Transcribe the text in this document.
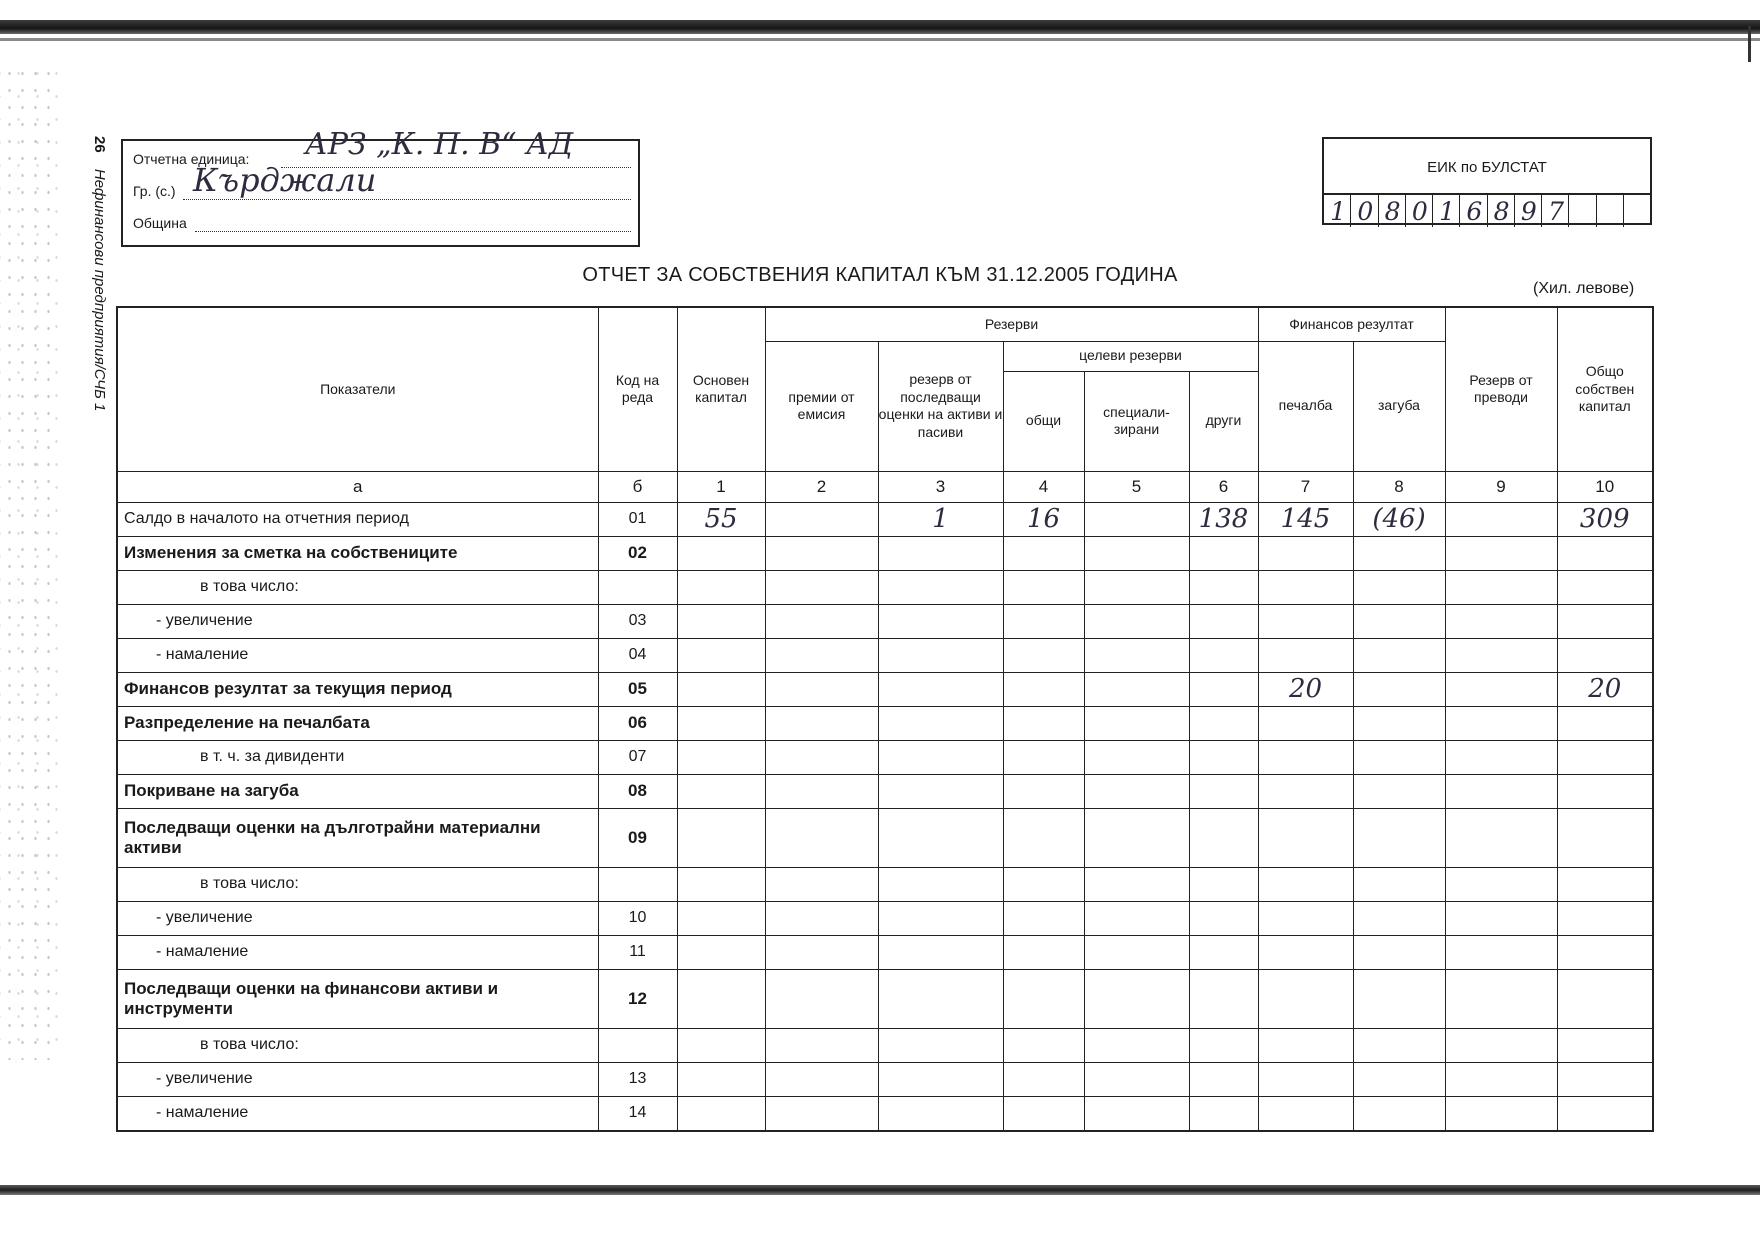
26 Нефинансови предприятия/СЧБ 1
Отчетна единица: АРЗ „К. П. В“ АД
Гр. (с.) Кърджали
Община
ЕИК по БУЛСТАТ
1 0 8 0 1 6 8 9 7
ОТЧЕТ ЗА СОБСТВЕНИЯ КАПИТАЛ КЪМ 31.12.2005 ГОДИНА
(Хил. левове)
Показатели	Код на реда	Основен капитал	Резерви					Финансов резултат		Резерв от преводи	Общо собствен капитал
			премии от емисия	резерв от последващи оценки на активи и пасиви	целеви резерви			печалба	загуба		
					общи	специали-зирани	други				
а	б	1	2	3	4	5	6	7	8	9	10
Салдо в началото на отчетния период	01	55		1	16		138	145	(46)		309
Изменения за сметка на собствениците	02										
в това число:											
- увеличение	03										
- намаление	04										
Финансов резултат за текущия период	05							20			20
Разпределение на печалбата	06										
в т. ч. за дивиденти	07										
Покриване на загуба	08										
Последващи оценки на дълготрайни материални активи	09										
в това число:											
- увеличение	10										
- намаление	11										
Последващи оценки на финансови активи и инструменти	12										
в това число:											
- увеличение	13										
- намаление	14										
